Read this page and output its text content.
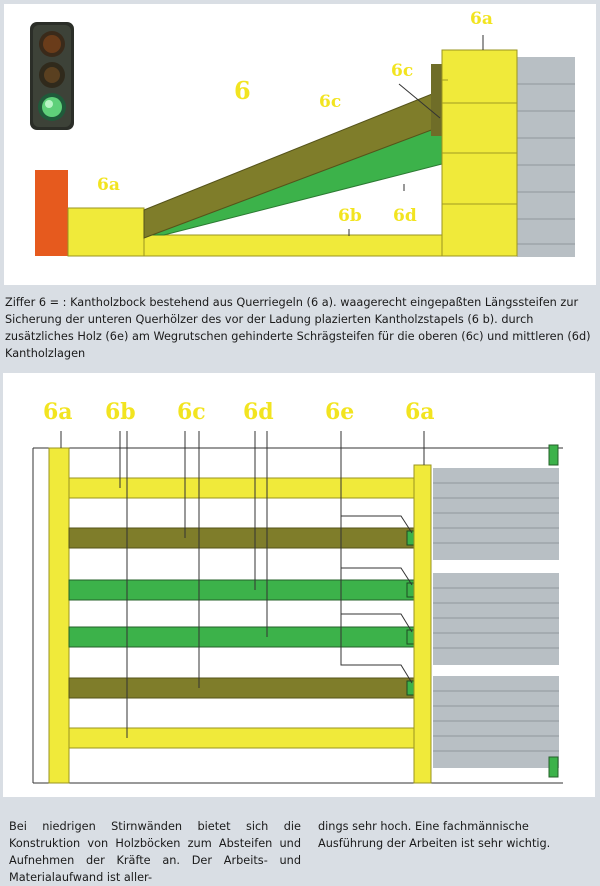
6
6a
6a
6c
6c
6b 6d
Ziffer 6 = : Kantholzbock bestehend aus Querriegeln (6 a). waagerecht eingepaßten Längssteifen zur Sicherung der unteren Querhölzer des vor der Ladung plazierten Kantholzstapels (6 b). durch zusätzliches Holz (6e) am Wegrutschen gehinderte Schrägsteifen für die oberen (6c) und mittleren (6d) Kantholzlagen
6a 6b 6c 6d 6e 6a
Bei niedrigen Stirnwänden bietet sich die Konstruktion von Holzböcken zum Absteifen und Aufnehmen der Kräfte an. Der Arbeits- und Materialaufwand ist aller-
dings sehr hoch. Eine fachmännische Ausführung der Arbeiten ist sehr wichtig.
